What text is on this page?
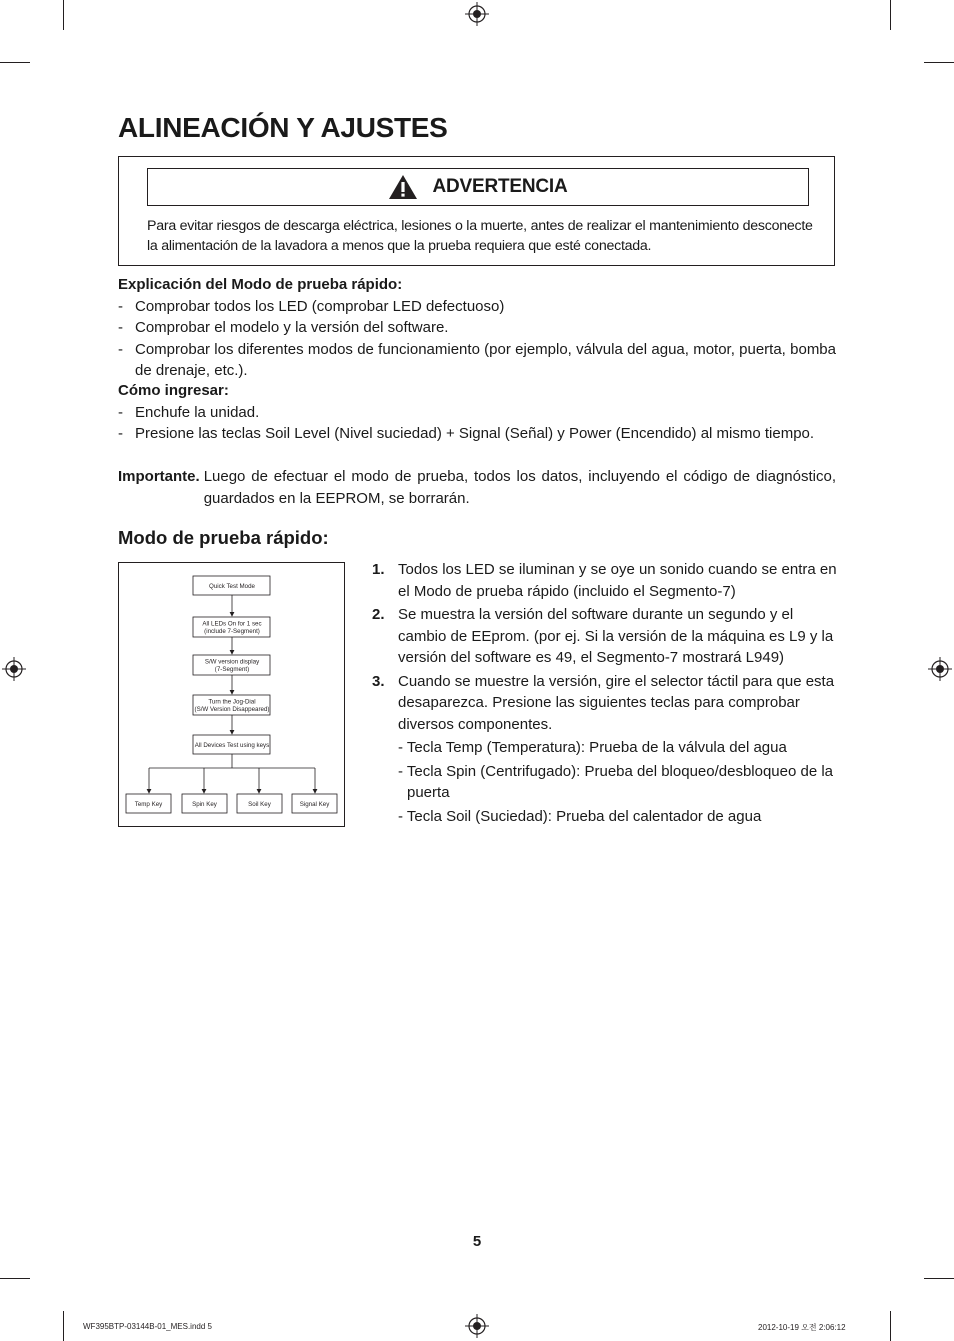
ALINEACIÓN Y AJUSTES
ADVERTENCIA
Para evitar riesgos de descarga eléctrica, lesiones o la muerte, antes de realizar el mantenimiento desconecte la alimentación de la lavadora a menos que la prueba requiera que esté conectada.
Explicación del Modo de prueba rápido:
- Comprobar todos los LED (comprobar LED defectuoso)
- Comprobar el modelo y la versión del software.
- Comprobar los diferentes modos de funcionamiento (por ejemplo, válvula del agua, motor, puerta, bomba de drenaje, etc.).
Cómo ingresar:
- Enchufe la unidad.
- Presione las teclas Soil Level (Nivel suciedad) + Signal (Señal) y Power (Encendido) al mismo tiempo.
Importante. Luego de efectuar el modo de prueba, todos los datos, incluyendo el código de diagnóstico, guardados en la EEPROM, se borrarán.
Modo de prueba rápido:
Quick Test Mode
All LEDs On for 1 sec
(include 7-Segment)
S/W version display
(7-Segment)
Turn the Jog-Dial
(S/W Version Disappeared)
All Devices Test using keys
Temp Key	Spin Key	Soil Key	Signal Key
1. Todos los LED se iluminan y se oye un sonido cuando se entra en el Modo de prueba rápido (incluido el Segmento-7)
2. Se muestra la versión del software durante un segundo y el cambio de EEprom. (por ej. Si la versión de la máquina es L9 y la versión del software es 49, el Segmento-7 mostrará L949)
3. Cuando se muestre la versión, gire el selector táctil para que esta desaparezca. Presione las siguientes teclas para comprobar diversos componentes.
- Tecla Temp (Temperatura): Prueba de la válvula del agua
- Tecla Spin (Centrifugado): Prueba del bloqueo/desbloqueo de la puerta
- Tecla Soil (Suciedad): Prueba del calentador de agua
5
WF395BTP-03144B-01_MES.indd 5	2012-10-19 오전 2:06:12
